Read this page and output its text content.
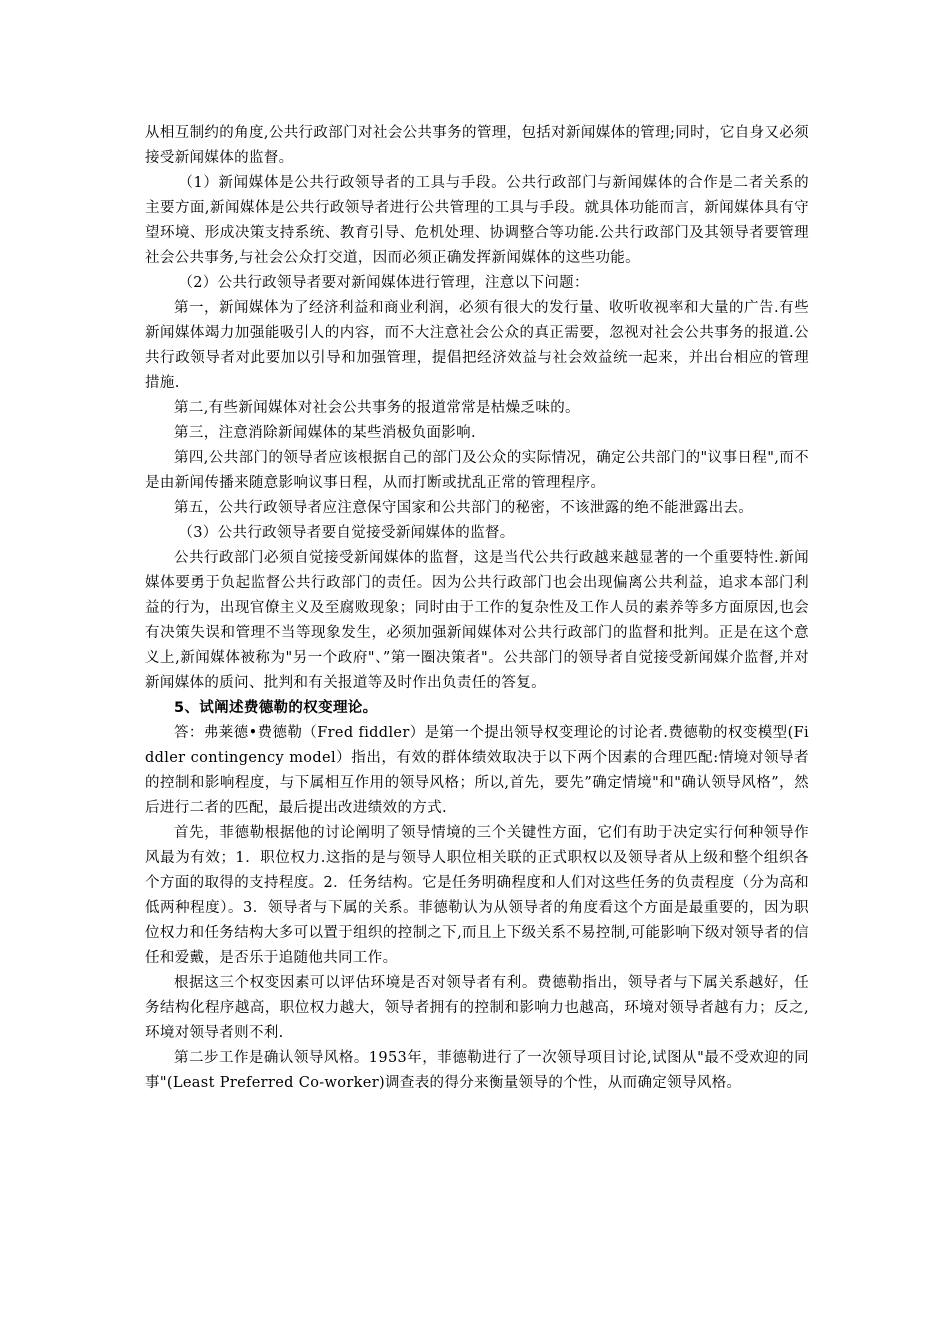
从相互制约的角度,公共行政部门对社会公共事务的管理，包括对新闻媒体的管理;同时，它自身又必须接受新闻媒体的监督。

（1）新闻媒体是公共行政领导者的工具与手段。公共行政部门与新闻媒体的合作是二者关系的主要方面,新闻媒体是公共行政领导者进行公共管理的工具与手段。就具体功能而言，新闻媒体具有守望环境、形成决策支持系统、教育引导、危机处理、协调整合等功能.公共行政部门及其领导者要管理社会公共事务,与社会公众打交道，因而必须正确发挥新闻媒体的这些功能。

（2）公共行政领导者要对新闻媒体进行管理，注意以下问题：

第一，新闻媒体为了经济利益和商业利润，必须有很大的发行量、收听收视率和大量的广告.有些新闻媒体竭力加强能吸引人的内容，而不大注意社会公众的真正需要，忽视对社会公共事务的报道.公共行政领导者对此要加以引导和加强管理，提倡把经济效益与社会效益统一起来，并出台相应的管理措施.

第二,有些新闻媒体对社会公共事务的报道常常是枯燥乏味的。

第三，注意消除新闻媒体的某些消极负面影响.

第四,公共部门的领导者应该根据自己的部门及公众的实际情况，确定公共部门的"议事日程",而不是由新闻传播来随意影响议事日程，从而打断或扰乱正常的管理程序。

第五，公共行政领导者应注意保守国家和公共部门的秘密，不该泄露的绝不能泄露出去。

（3）公共行政领导者要自觉接受新闻媒体的监督。

公共行政部门必须自觉接受新闻媒体的监督，这是当代公共行政越来越显著的一个重要特性.新闻媒体要勇于负起监督公共行政部门的责任。因为公共行政部门也会出现偏离公共利益，追求本部门利益的行为，出现官僚主义及至腐败现象；同时由于工作的复杂性及工作人员的素养等多方面原因,也会有决策失误和管理不当等现象发生，必须加强新闻媒体对公共行政部门的监督和批判。正是在这个意义上,新闻媒体被称为"另一个政府"、”第一圈决策者"。公共部门的领导者自觉接受新闻媒介监督,并对新闻媒体的质问、批判和有关报道等及时作出负责任的答复。

5、试阐述费德勒的权变理论。

答：弗莱德•费德勒（Fred fiddler）是第一个提出领导权变理论的讨论者.费德勒的权变模型(Fiddler contingency model）指出，有效的群体绩效取决于以下两个因素的合理匹配:情境对领导者的控制和影响程度，与下属相互作用的领导风格；所以,首先，要先”确定情境"和"确认领导风格”，然后进行二者的匹配，最后提出改进绩效的方式.

首先，菲德勒根据他的讨论阐明了领导情境的三个关键性方面，它们有助于决定实行何种领导作风最为有效；1．职位权力.这指的是与领导人职位相关联的正式职权以及领导者从上级和整个组织各个方面的取得的支持程度。2．任务结构。它是任务明确程度和人们对这些任务的负责程度（分为高和低两种程度）。3．领导者与下属的关系。菲德勒认为从领导者的角度看这个方面是最重要的，因为职位权力和任务结构大多可以置于组织的控制之下,而且上下级关系不易控制,可能影响下级对领导者的信任和爱戴，是否乐于追随他共同工作。

根据这三个权变因素可以评估环境是否对领导者有利。费德勒指出，领导者与下属关系越好，任务结构化程序越高，职位权力越大，领导者拥有的控制和影响力也越高，环境对领导者越有力；反之,环境对领导者则不利.

第二步工作是确认领导风格。1953年，菲德勒进行了一次领导项目讨论,试图从"最不受欢迎的同事"(Least Preferred Co-worker)调查表的得分来衡量领导的个性，从而确定领导风格。
